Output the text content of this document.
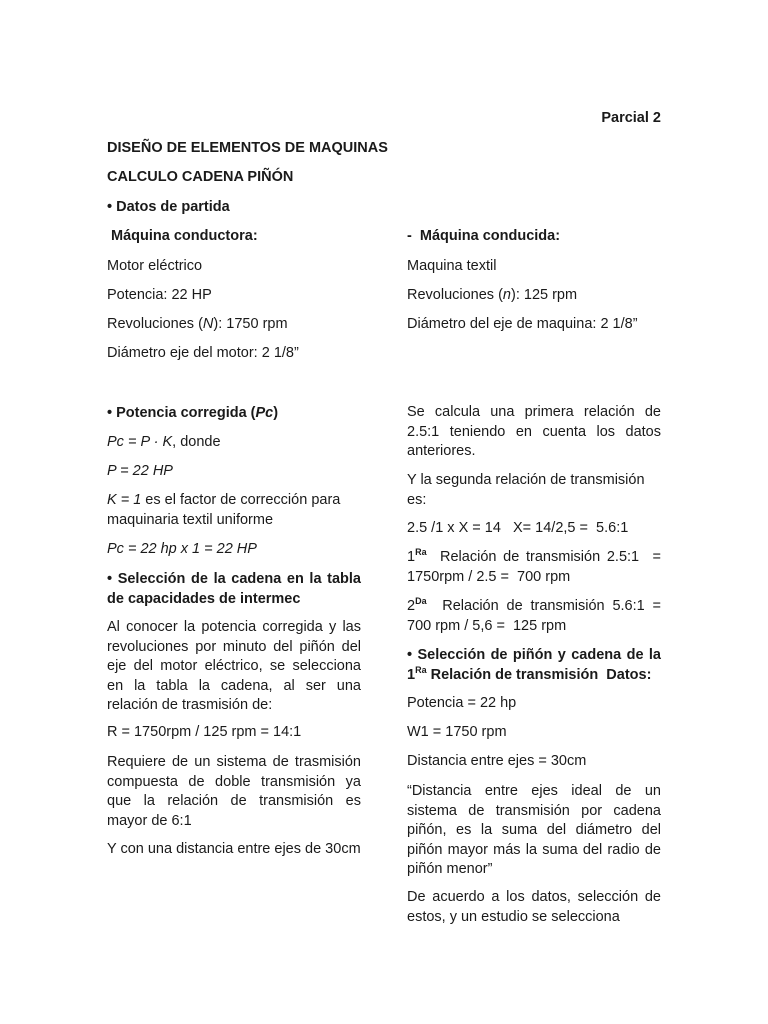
Parcial 2
DISEÑO DE ELEMENTOS DE MAQUINAS
CALCULO CADENA PIÑÓN
• Datos de partida
Máquina conductora:
Motor eléctrico
Potencia: 22 HP
Revoluciones (N): 1750 rpm
Diámetro eje del motor: 2 1/8”
-  Máquina conducida:
Maquina textil
Revoluciones (n): 125 rpm
Diámetro del eje de maquina: 2 1/8”
• Potencia corregida (Pc)
Pc = P · K, donde
P = 22 HP
K = 1 es el factor de corrección para maquinaria textil uniforme
Pc = 22 hp x 1 = 22 HP
• Selección de la cadena en la tabla de capacidades de intermec
Al conocer la potencia corregida y las revoluciones por minuto del piñón del eje del motor eléctrico, se selecciona en la tabla la cadena, al ser una relación de trasmisión de:
R = 1750rpm / 125 rpm = 14:1
Requiere de un sistema de trasmisión compuesta de doble transmisión ya que la relación de transmisión es mayor de 6:1
Y con una distancia entre ejes de 30cm
Se calcula una primera relación de 2.5:1 teniendo en cuenta los datos anteriores.
Y la segunda relación de transmisión es:
2.5 /1 x X = 14   X= 14/2,5 =  5.6:1
$1^{Ra}$  Relación de transmisión 2.5:1  = 1750rpm / 2.5 =  700 rpm
$2^{Da}$  Relación de transmisión 5.6:1 = 700 rpm / 5,6 =  125 rpm
• Selección de piñón y cadena de la $1^{Ra}$ Relación de transmisión  Datos:
Potencia = 22 hp
W1 = 1750 rpm
Distancia entre ejes = 30cm
“Distancia entre ejes ideal de un sistema de transmisión por cadena piñón, es la suma del diámetro del piñón mayor más la suma del radio de piñón menor”
De acuerdo a los datos, selección de estos, y un estudio se selecciona
